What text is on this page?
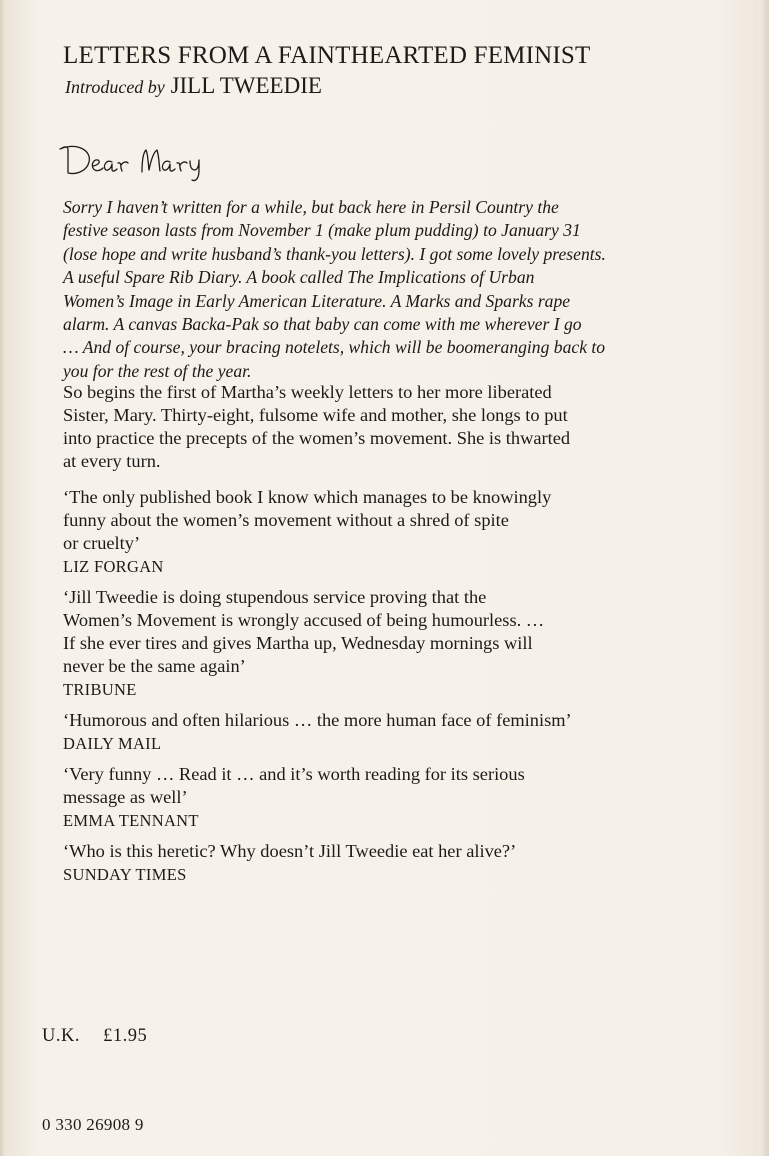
LETTERS FROM A FAINTHEARTED FEMINIST
Introduced by JILL TWEEDIE
Sorry I haven’t written for a while, but back here in Persil Country the
festive season lasts from November 1 (make plum pudding) to January 31
(lose hope and write husband’s thank-you letters). I got some lovely presents.
A useful Spare Rib Diary. A book called The Implications of Urban
Women’s Image in Early American Literature. A Marks and Sparks rape
alarm. A canvas Backa-Pak so that baby can come with me wherever I go
… And of course, your bracing notelets, which will be boomeranging back to
you for the rest of the year.
So begins the first of Martha’s weekly letters to her more liberated
Sister, Mary. Thirty-eight, fulsome wife and mother, she longs to put
into practice the precepts of the women’s movement. She is thwarted
at every turn.
‘The only published book I know which manages to be knowingly
funny about the women’s movement without a shred of spite
or cruelty’
LIZ FORGAN
‘Jill Tweedie is doing stupendous service proving that the
Women’s Movement is wrongly accused of being humourless. …
If she ever tires and gives Martha up, Wednesday mornings will
never be the same again’
TRIBUNE
‘Humorous and often hilarious … the more human face of feminism’
DAILY MAIL
‘Very funny … Read it … and it’s worth reading for its serious
message as well’
EMMA TENNANT
‘Who is this heretic? Why doesn’t Jill Tweedie eat her alive?’
SUNDAY TIMES
U.K. £1.95
0 330 26908 9
